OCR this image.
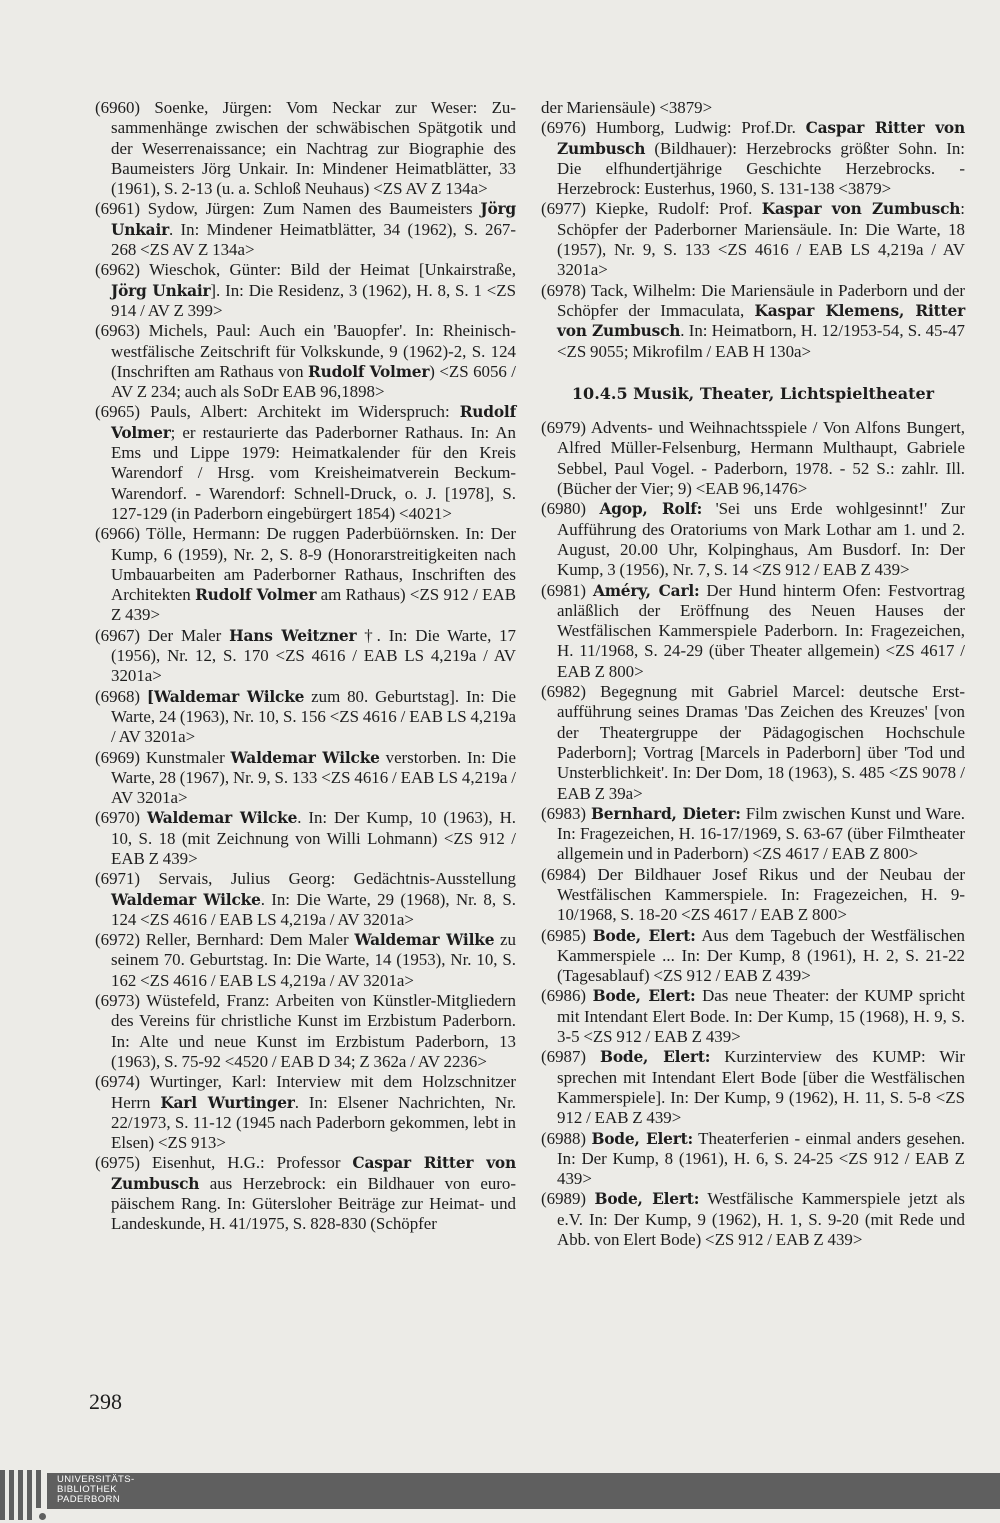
(6960) Soenke, Jürgen: Vom Neckar zur Weser: Zusammenhänge zwischen der schwäbischen Spätgotik und der Weserrenaissance; ein Nachtrag zur Biographie des Baumeisters Jörg Unkair. In: Mindener Heimatblätter, 33 (1961), S. 2-13 (u. a. Schloß Neuhaus) <ZS AV Z 134a>

(6961) Sydow, Jürgen: Zum Namen des Baumeisters Jörg Unkair. In: Mindener Heimatblätter, 34 (1962), S. 267-268 <ZS AV Z 134a>

(6962) Wieschok, Günter: Bild der Heimat [Unkairstraße, Jörg Unkair]. In: Die Residenz, 3 (1962), H. 8, S. 1 <ZS 914 / AV Z 399>

(6963) Michels, Paul: Auch ein 'Bauopfer'. In: Rheinisch-westfälische Zeitschrift für Volkskunde, 9 (1962)-2, S. 124 (Inschriften am Rathaus von Rudolf Volmer) <ZS 6056 / AV Z 234; auch als SoDr EAB 96,1898>

(6965) Pauls, Albert: Architekt im Widerspruch: Rudolf Volmer; er restaurierte das Paderborner Rathaus. In: An Ems und Lippe 1979: Heimatkalender für den Kreis Warendorf / Hrsg. vom Kreisheimatverein Beckum-Warendorf. - Warendorf: Schnell-Druck, o. J. [1978], S. 127-129 (in Paderborn eingebürgert 1854) <4021>

(6966) Tölle, Hermann: De ruggen Paderbüörnsken. In: Der Kump, 6 (1959), Nr. 2, S. 8-9 (Honorarstreitigkeiten nach Umbauarbeiten am Paderborner Rathaus, Inschriften des Architekten Rudolf Volmer am Rathaus) <ZS 912 / EAB Z 439>

(6967) Der Maler Hans Weitzner †. In: Die Warte, 17 (1956), Nr. 12, S. 170 <ZS 4616 / EAB LS 4,219a / AV 3201a>

(6968) [Waldemar Wilcke zum 80. Geburtstag]. In: Die Warte, 24 (1963), Nr. 10, S. 156 <ZS 4616 / EAB LS 4,219a / AV 3201a>

(6969) Kunstmaler Waldemar Wilcke verstorben. In: Die Warte, 28 (1967), Nr. 9, S. 133 <ZS 4616 / EAB LS 4,219a / AV 3201a>

(6970) Waldemar Wilcke. In: Der Kump, 10 (1963), H. 10, S. 18 (mit Zeichnung von Willi Lohmann) <ZS 912 / EAB Z 439>

(6971) Servais, Julius Georg: Gedächtnis-Ausstellung Waldemar Wilcke. In: Die Warte, 29 (1968), Nr. 8, S. 124 <ZS 4616 / EAB LS 4,219a / AV 3201a>

(6972) Reller, Bernhard: Dem Maler Waldemar Wilke zu seinem 70. Geburtstag. In: Die Warte, 14 (1953), Nr. 10, S. 162 <ZS 4616 / EAB LS 4,219a / AV 3201a>

(6973) Wüstefeld, Franz: Arbeiten von Künstler-Mitgliedern des Vereins für christliche Kunst im Erzbistum Paderborn. In: Alte und neue Kunst im Erzbistum Paderborn, 13 (1963), S. 75-92 <4520 / EAB D 34; Z 362a / AV 2236>

(6974) Wurtinger, Karl: Interview mit dem Holzschnitzer Herrn Karl Wurtinger. In: Elsener Nachrichten, Nr. 22/1973, S. 11-12 (1945 nach Paderborn gekommen, lebt in Elsen) <ZS 913>

(6975) Eisenhut, H.G.: Professor Caspar Ritter von Zumbusch aus Herzebrock: ein Bildhauer von europäischem Rang. In: Gütersloher Beiträge zur Heimat- und Landeskunde, H. 41/1975, S. 828-830 (Schöpfer

der Mariensäule) <3879>

(6976) Humborg, Ludwig: Prof.Dr. Caspar Ritter von Zumbusch (Bildhauer): Herzebrocks größter Sohn. In: Die elfhundertjährige Geschichte Herzebrocks. - Herzebrock: Eusterhus, 1960, S. 131-138 <3879>

(6977) Kiepke, Rudolf: Prof. Kaspar von Zumbusch: Schöpfer der Paderborner Mariensäule. In: Die Warte, 18 (1957), Nr. 9, S. 133 <ZS 4616 / EAB LS 4,219a / AV 3201a>

(6978) Tack, Wilhelm: Die Mariensäule in Paderborn und der Schöpfer der Immaculata, Kaspar Klemens, Ritter von Zumbusch. In: Heimatborn, H. 12/1953-54, S. 45-47 <ZS 9055; Mikrofilm / EAB H 130a>

10.4.5 Musik, Theater, Lichtspieltheater

(6979) Advents- und Weihnachtsspiele / Von Alfons Bungert, Alfred Müller-Felsenburg, Hermann Multhaupt, Gabriele Sebbel, Paul Vogel. - Paderborn, 1978. - 52 S.: zahlr. Ill. (Bücher der Vier; 9) <EAB 96,1476>

(6980) Agop, Rolf: 'Sei uns Erde wohlgesinnt!' Zur Aufführung des Oratoriums von Mark Lothar am 1. und 2. August, 20.00 Uhr, Kolpinghaus, Am Busdorf. In: Der Kump, 3 (1956), Nr. 7, S. 14 <ZS 912 / EAB Z 439>

(6981) Améry, Carl: Der Hund hinterm Ofen: Festvortrag anläßlich der Eröffnung des Neuen Hauses der Westfälischen Kammerspiele Paderborn. In: Fragezeichen, H. 11/1968, S. 24-29 (über Theater allgemein) <ZS 4617 / EAB Z 800>

(6982) Begegnung mit Gabriel Marcel: deutsche Erstaufführung seines Dramas 'Das Zeichen des Kreuzes' [von der Theatergruppe der Pädagogischen Hochschule Paderborn]; Vortrag [Marcels in Paderborn] über 'Tod und Unsterblichkeit'. In: Der Dom, 18 (1963), S. 485 <ZS 9078 / EAB Z 39a>

(6983) Bernhard, Dieter: Film zwischen Kunst und Ware. In: Fragezeichen, H. 16-17/1969, S. 63-67 (über Filmtheater allgemein und in Paderborn) <ZS 4617 / EAB Z 800>

(6984) Der Bildhauer Josef Rikus und der Neubau der Westfälischen Kammerspiele. In: Fragezeichen, H. 9-10/1968, S. 18-20 <ZS 4617 / EAB Z 800>

(6985) Bode, Elert: Aus dem Tagebuch der Westfälischen Kammerspiele ... In: Der Kump, 8 (1961), H. 2, S. 21-22 (Tagesablauf) <ZS 912 / EAB Z 439>

(6986) Bode, Elert: Das neue Theater: der KUMP spricht mit Intendant Elert Bode. In: Der Kump, 15 (1968), H. 9, S. 3-5 <ZS 912 / EAB Z 439>

(6987) Bode, Elert: Kurzinterview des KUMP: Wir sprechen mit Intendant Elert Bode [über die Westfälischen Kammerspiele]. In: Der Kump, 9 (1962), H. 11, S. 5-8 <ZS 912 / EAB Z 439>

(6988) Bode, Elert: Theaterferien - einmal anders gesehen. In: Der Kump, 8 (1961), H. 6, S. 24-25 <ZS 912 / EAB Z 439>

(6989) Bode, Elert: Westfälische Kammerspiele jetzt als e.V. In: Der Kump, 9 (1962), H. 1, S. 9-20 (mit Rede und Abb. von Elert Bode) <ZS 912 / EAB Z 439>

298
UNIVERSITÄTS-
BIBLIOTHEK
PADERBORN
